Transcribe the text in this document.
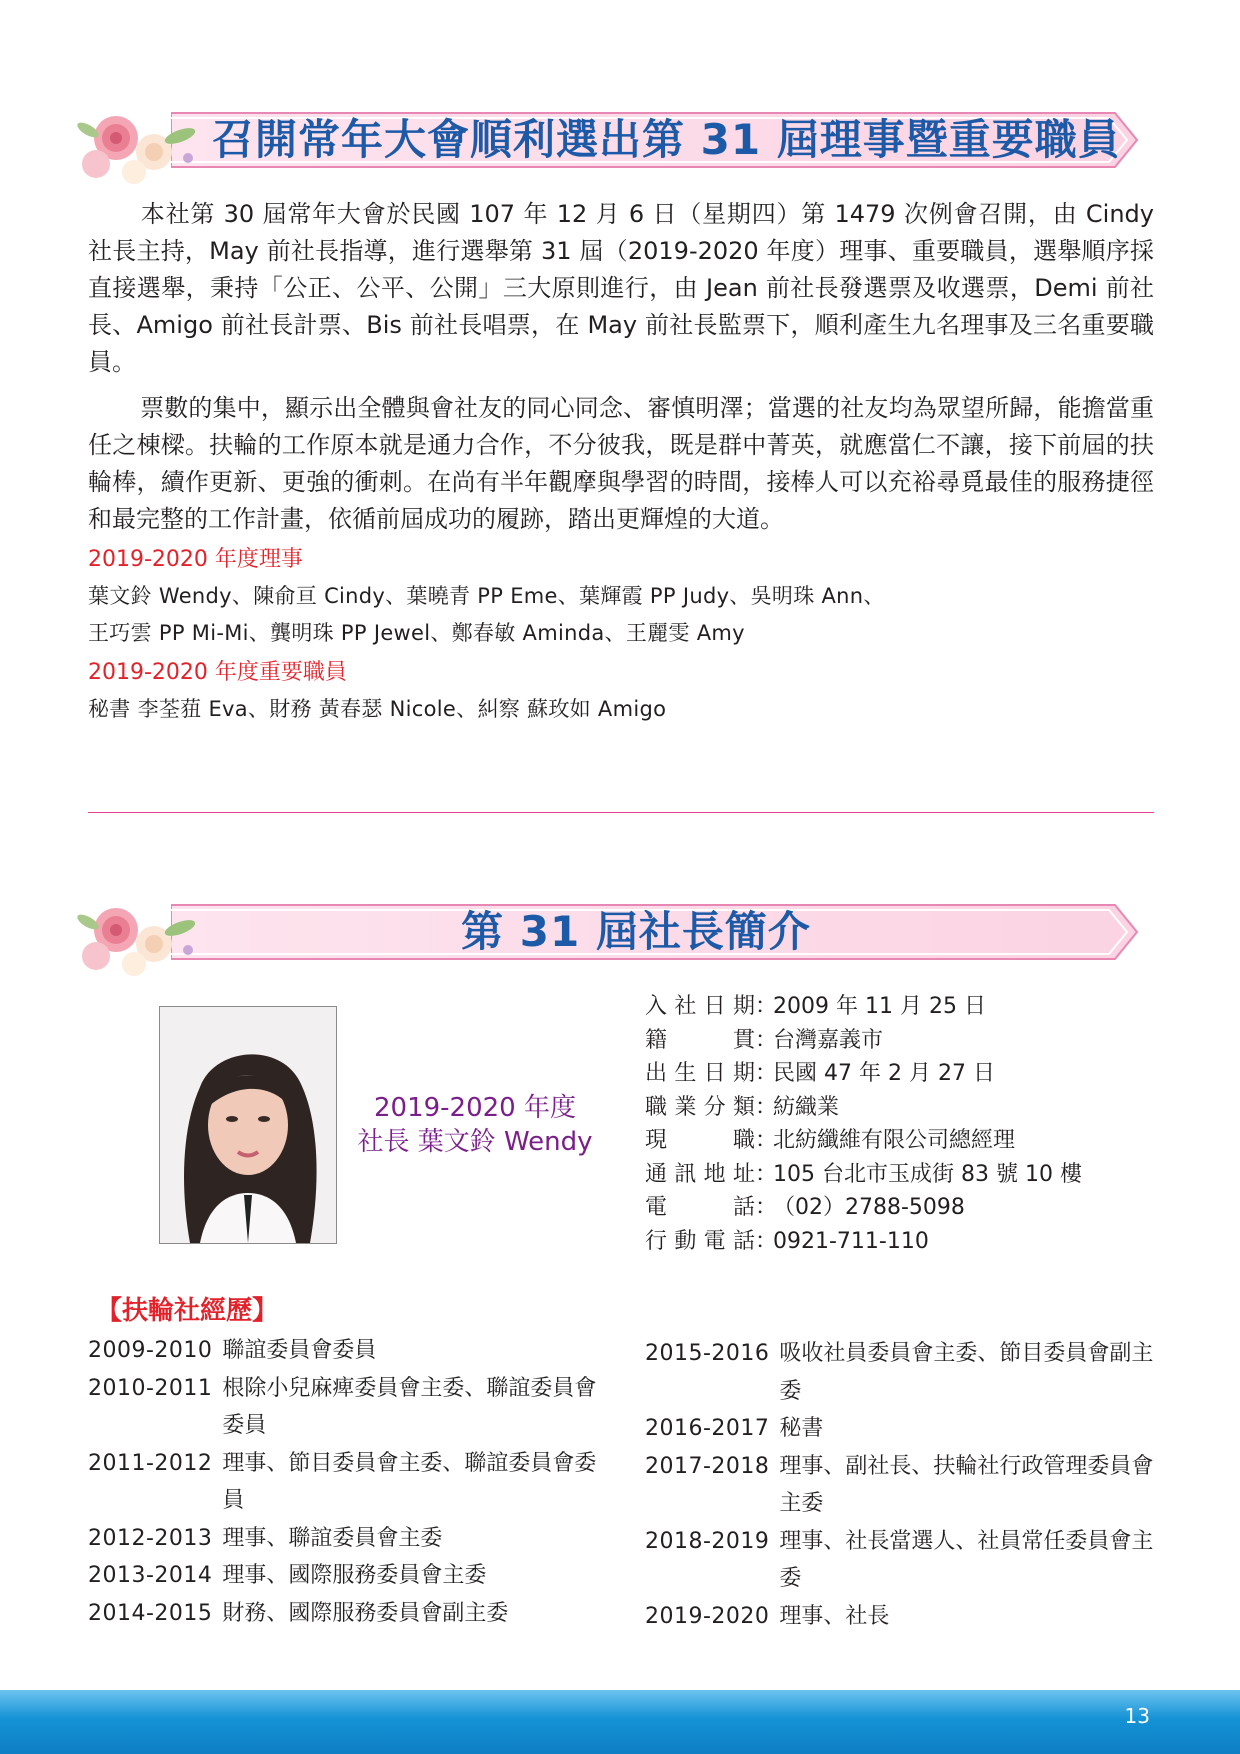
召開常年大會順利選出第 31 屆理事暨重要職員

本社第 30 屆常年大會於民國 107 年 12 月 6 日（星期四）第 1479 次例會召開，由 Cindy 社長主持，May 前社長指導，進行選舉第 31 屆（2019-2020 年度）理事、重要職員，選舉順序採直接選舉，秉持「公正、公平、公開」三大原則進行，由 Jean 前社長發選票及收選票，Demi 前社長、Amigo 前社長計票、Bis 前社長唱票，在 May 前社長監票下，順利產生九名理事及三名重要職員。

票數的集中，顯示出全體與會社友的同心同念、審慎明澤；當選的社友均為眾望所歸，能擔當重任之棟樑。扶輪的工作原本就是通力合作，不分彼我，既是群中菁英，就應當仁不讓，接下前屆的扶輪棒，續作更新、更強的衝刺。在尚有半年觀摩與學習的時間，接棒人可以充裕尋覓最佳的服務捷徑和最完整的工作計畫，依循前屆成功的履跡，踏出更輝煌的大道。

2019-2020 年度理事
葉文鈴 Wendy、陳俞亘 Cindy、葉曉青 PP Eme、葉輝霞 PP Judy、吳明珠 Ann、
王巧雲 PP Mi-Mi、龔明珠 PP Jewel、鄭春敏 Aminda、王麗雯 Amy
2019-2020 年度重要職員
秘書 李荃莥 Eva、財務 黃春瑟 Nicole、糾察 蘇玫如 Amigo
第 31 屆社長簡介
2019-2020 年度
社長 葉文鈴 Wendy
入 社 日 期 ：
2009 年 11 月 25 日
籍	貫 ：
台灣嘉義市
出 生 日 期 ：
民國 47 年 2 月 27 日
職 業 分 類 ：
紡織業
現	職 ：
北紡纖維有限公司總經理
通 訊 地 址 ：
105 台北市玉成街 83 號 10 樓
電	話 ：
（02）2788-5098
行 動 電 話 ：
0921-711-110
【扶輪社經歷】
2009-2010 聯誼委員會委員
2010-2011 根除小兒麻痺委員會主委、聯誼委員會委員
2011-2012 理事、節目委員會主委、聯誼委員會委員
2012-2013 理事、聯誼委員會主委
2013-2014 理事、國際服務委員會主委
2014-2015 財務、國際服務委員會副主委
2015-2016 吸收社員委員會主委、節目委員會副主委
2016-2017 秘書
2017-2018 理事、副社長、扶輪社行政管理委員會主委
2018-2019 理事、社長當選人、社員常任委員會主委
2019-2020 理事、社長
13
